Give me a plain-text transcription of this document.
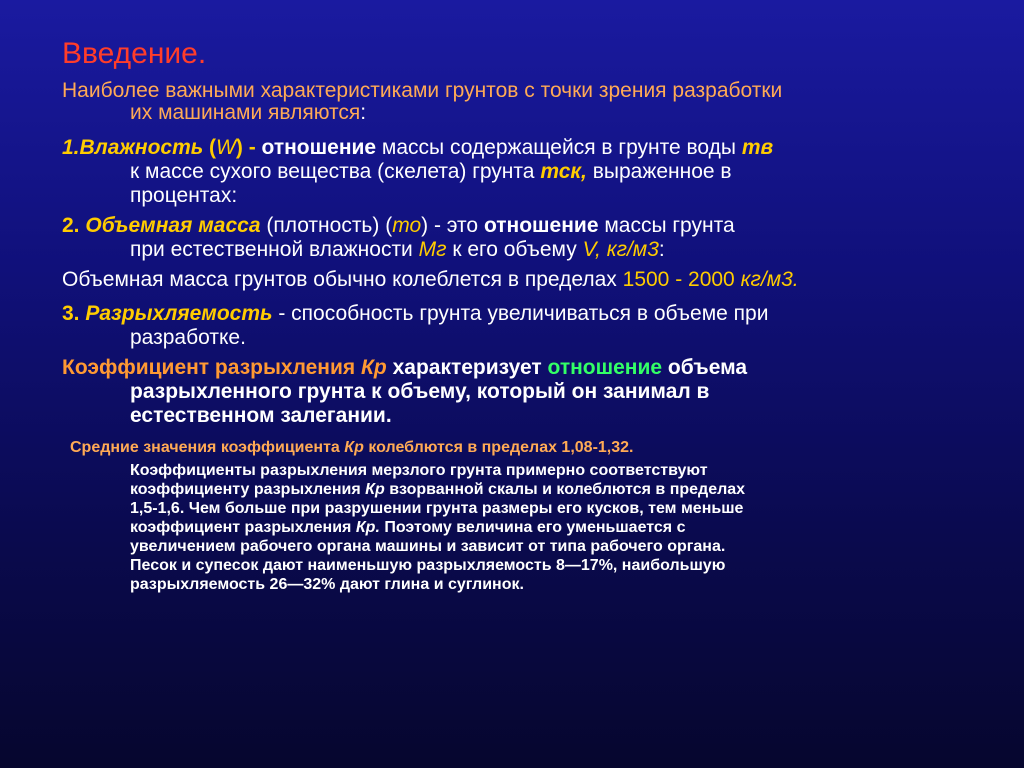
Введение.
Наиболее важными характеристиками грунтов с точки зрения разработки
их машинами являются:
1.Влажность (W) - отношение массы содержащейся в грунте воды тв
к массе сухого вещества (скелета) грунта тск, выраженное в
процентах:
2. Объемная масса (плотность) (то) - это отношение массы грунта
при естественной влажности Мг к его объему V, кг/м3:
Объемная масса грунтов обычно колеблется в пределах 1500 - 2000 кг/м3.
3. Разрыхляемость - способность грунта увеличиваться в объеме при
разработке.
Коэффициент разрыхления Кр характеризует отношение объема
разрыхленного грунта к объему, который он занимал в
естественном залегании.
Средние значения коэффициента Кр колеблются в пределах 1,08-1,32.
Коэффициенты разрыхления мерзлого грунта примерно соответствуют
коэффициенту разрыхления Кр взорванной скалы и колеблются в пределах
1,5-1,6. Чем больше при разрушении грунта размеры его кусков, тем меньше
коэффициент разрыхления Кр. Поэтому величина его уменьшается с
увеличением рабочего органа машины и зависит от типа рабочего органа.
Песок и супесок дают наименьшую разрыхляемость 8—17%, наибольшую
разрыхляемость 26—32% дают глина и суглинок.
